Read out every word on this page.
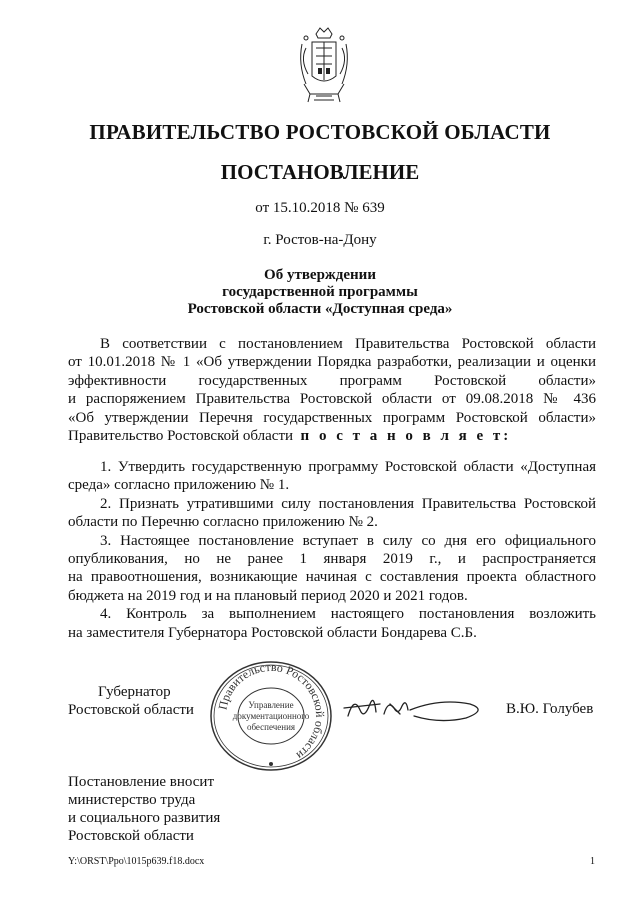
ПРАВИТЕЛЬСТВО РОСТОВСКОЙ ОБЛАСТИ
ПОСТАНОВЛЕНИЕ
от 15.10.2018 № 639
г. Ростов-на-Дону
Об утверждении
государственной программы
Ростовской области «Доступная среда»
В соответствии с постановлением Правительства Ростовской области
от 10.01.2018 № 1 «Об утверждении Порядка разработки, реализации и оценки
эффективности государственных программ Ростовской области»
и распоряжением Правительства Ростовской области от 09.08.2018 № 436
«Об утверждении Перечня государственных программ Ростовской области»
Правительство Ростовской области п о с т а н о в л я е т:
1. Утвердить государственную программу Ростовской области «Доступная
среда» согласно приложению № 1.
2. Признать утратившими силу постановления Правительства Ростовской
области по Перечню согласно приложению № 2.
3. Настоящее постановление вступает в силу со дня его официального
опубликования, но не ранее 1 января 2019 г., и распространяется
на правоотношения, возникающие начиная с составления проекта областного
бюджета на 2019 год и на плановый период 2020 и 2021 годов.
4. Контроль за выполнением настоящего постановления возложить
на заместителя Губернатора Ростовской области Бондарева С.Б.
Губернатор
Ростовской области Правительство Ростовской области
Управление
документационного
обеспечения
В.Ю. Голубев
Постановление вносит
министерство труда
и социального развития
Ростовской области
Y:\ORST\Ppo\1015p639.f18.docx	1
